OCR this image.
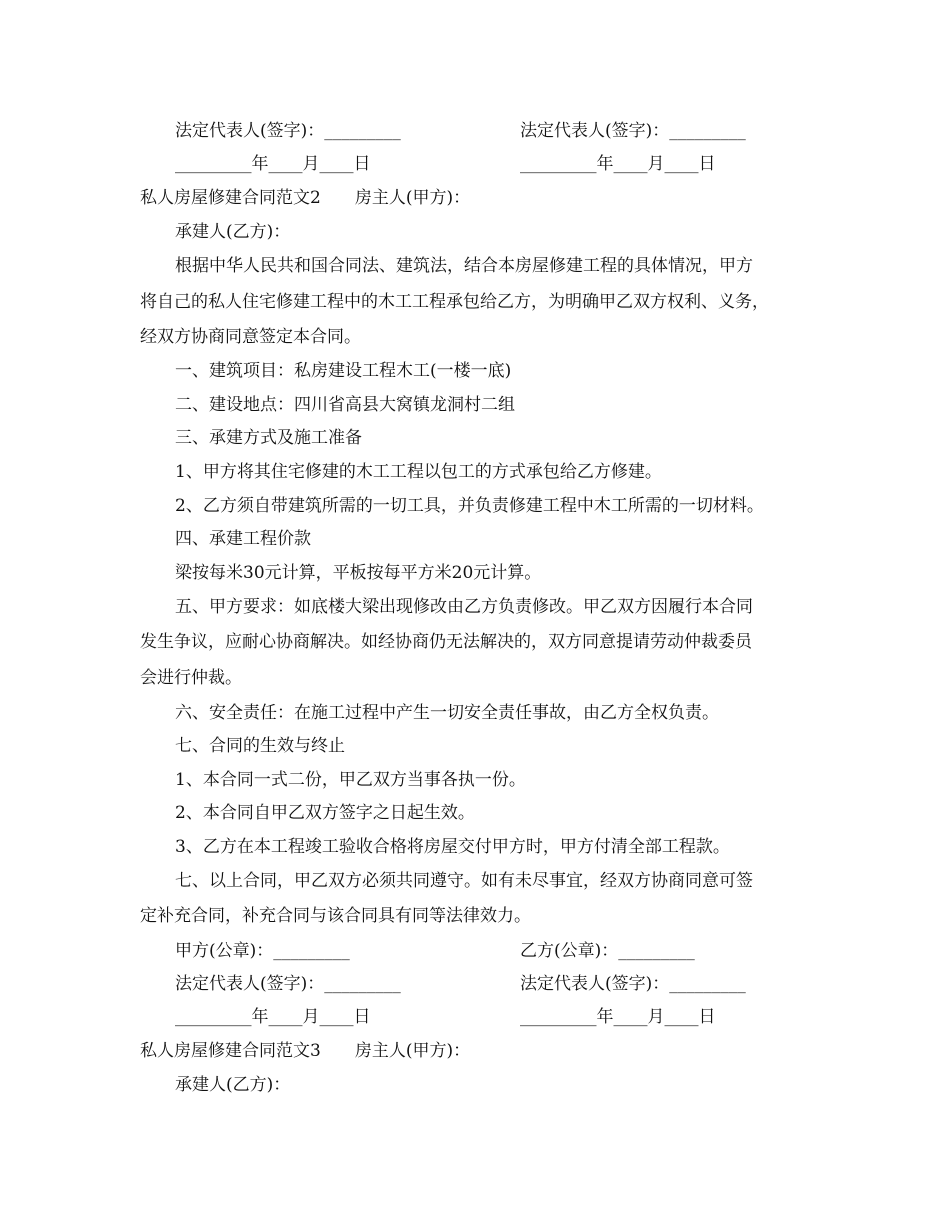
法定代表人(签字)：_________	法定代表人(签字)：_________
_________年____月____日	_________年____月____日
私人房屋修建合同范文2　　房主人(甲方)：
承建人(乙方)：
根据中华人民共和国合同法、建筑法，结合本房屋修建工程的具体情况，甲方
将自己的私人住宅修建工程中的木工工程承包给乙方，为明确甲乙双方权利、义务，
经双方协商同意签定本合同。
一、建筑项目：私房建设工程木工(一楼一底)
二、建设地点：四川省高县大窝镇龙洞村二组
三、承建方式及施工准备
1、甲方将其住宅修建的木工工程以包工的方式承包给乙方修建。
2、乙方须自带建筑所需的一切工具，并负责修建工程中木工所需的一切材料。
四、承建工程价款
梁按每米30元计算，平板按每平方米20元计算。
五、甲方要求：如底楼大梁出现修改由乙方负责修改。甲乙双方因履行本合同
发生争议，应耐心协商解决。如经协商仍无法解决的，双方同意提请劳动仲裁委员
会进行仲裁。
六、安全责任：在施工过程中产生一切安全责任事故，由乙方全权负责。
七、合同的生效与终止
1、本合同一式二份，甲乙双方当事各执一份。
2、本合同自甲乙双方签字之日起生效。
3、乙方在本工程竣工验收合格将房屋交付甲方时，甲方付清全部工程款。
七、以上合同，甲乙双方必须共同遵守。如有未尽事宜，经双方协商同意可签
定补充合同，补充合同与该合同具有同等法律效力。
甲方(公章)：_________	乙方(公章)：_________
法定代表人(签字)：_________	法定代表人(签字)：_________
_________年____月____日	_________年____月____日
私人房屋修建合同范文3　　房主人(甲方)：
承建人(乙方)：
